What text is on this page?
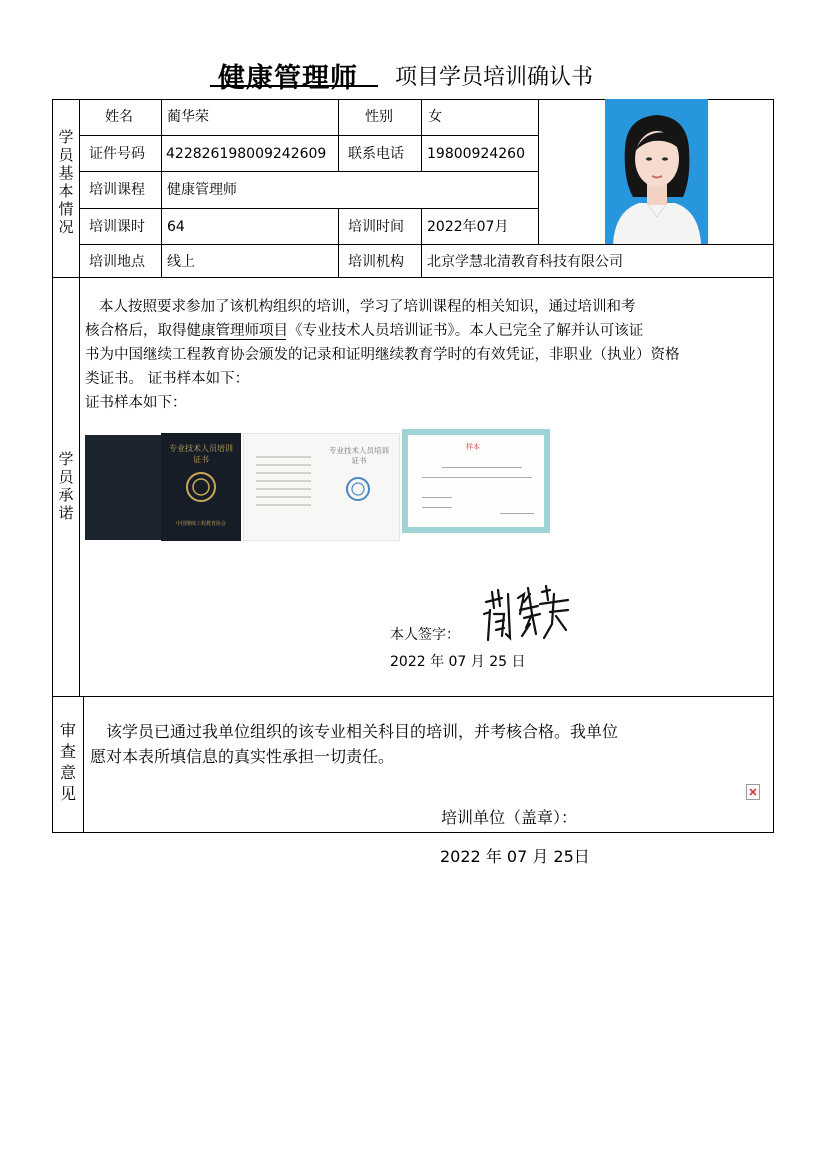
健康管理师 项目学员培训确认书
学员基本情况
学员承诺
审查意见
姓名 蔺华荣	性别	女
证件号码 422826198009242609 联系电话 19800924260
培训课程 健康管理师
培训课时 64	培训时间 2022年07月
培训地点 线上	培训机构 北京学慧北清教育科技有限公司
本人按照要求参加了该机构组织的培训，学习了培训课程的相关知识，通过培训和考
核合格后，取得健康管理师项目《专业技术人员培训证书》。本人已完全了解并认可该证
书为中国继续工程教育协会颁发的记录和证明继续教育学时的有效凭证，非职业（执业）资格
类证书。 证书样本如下：
证书样本如下：
专业技术人员培训证书
中国继续工程教育协会
专业技术人员培训证书
样本
本人签字：
2022 年 07 月 25 日
该学员已通过我单位组织的该专业相关科目的培训，并考核合格。我单位
愿对本表所填信息的真实性承担一切责任。
培训单位（盖章）：
2022 年 07 月 25日
